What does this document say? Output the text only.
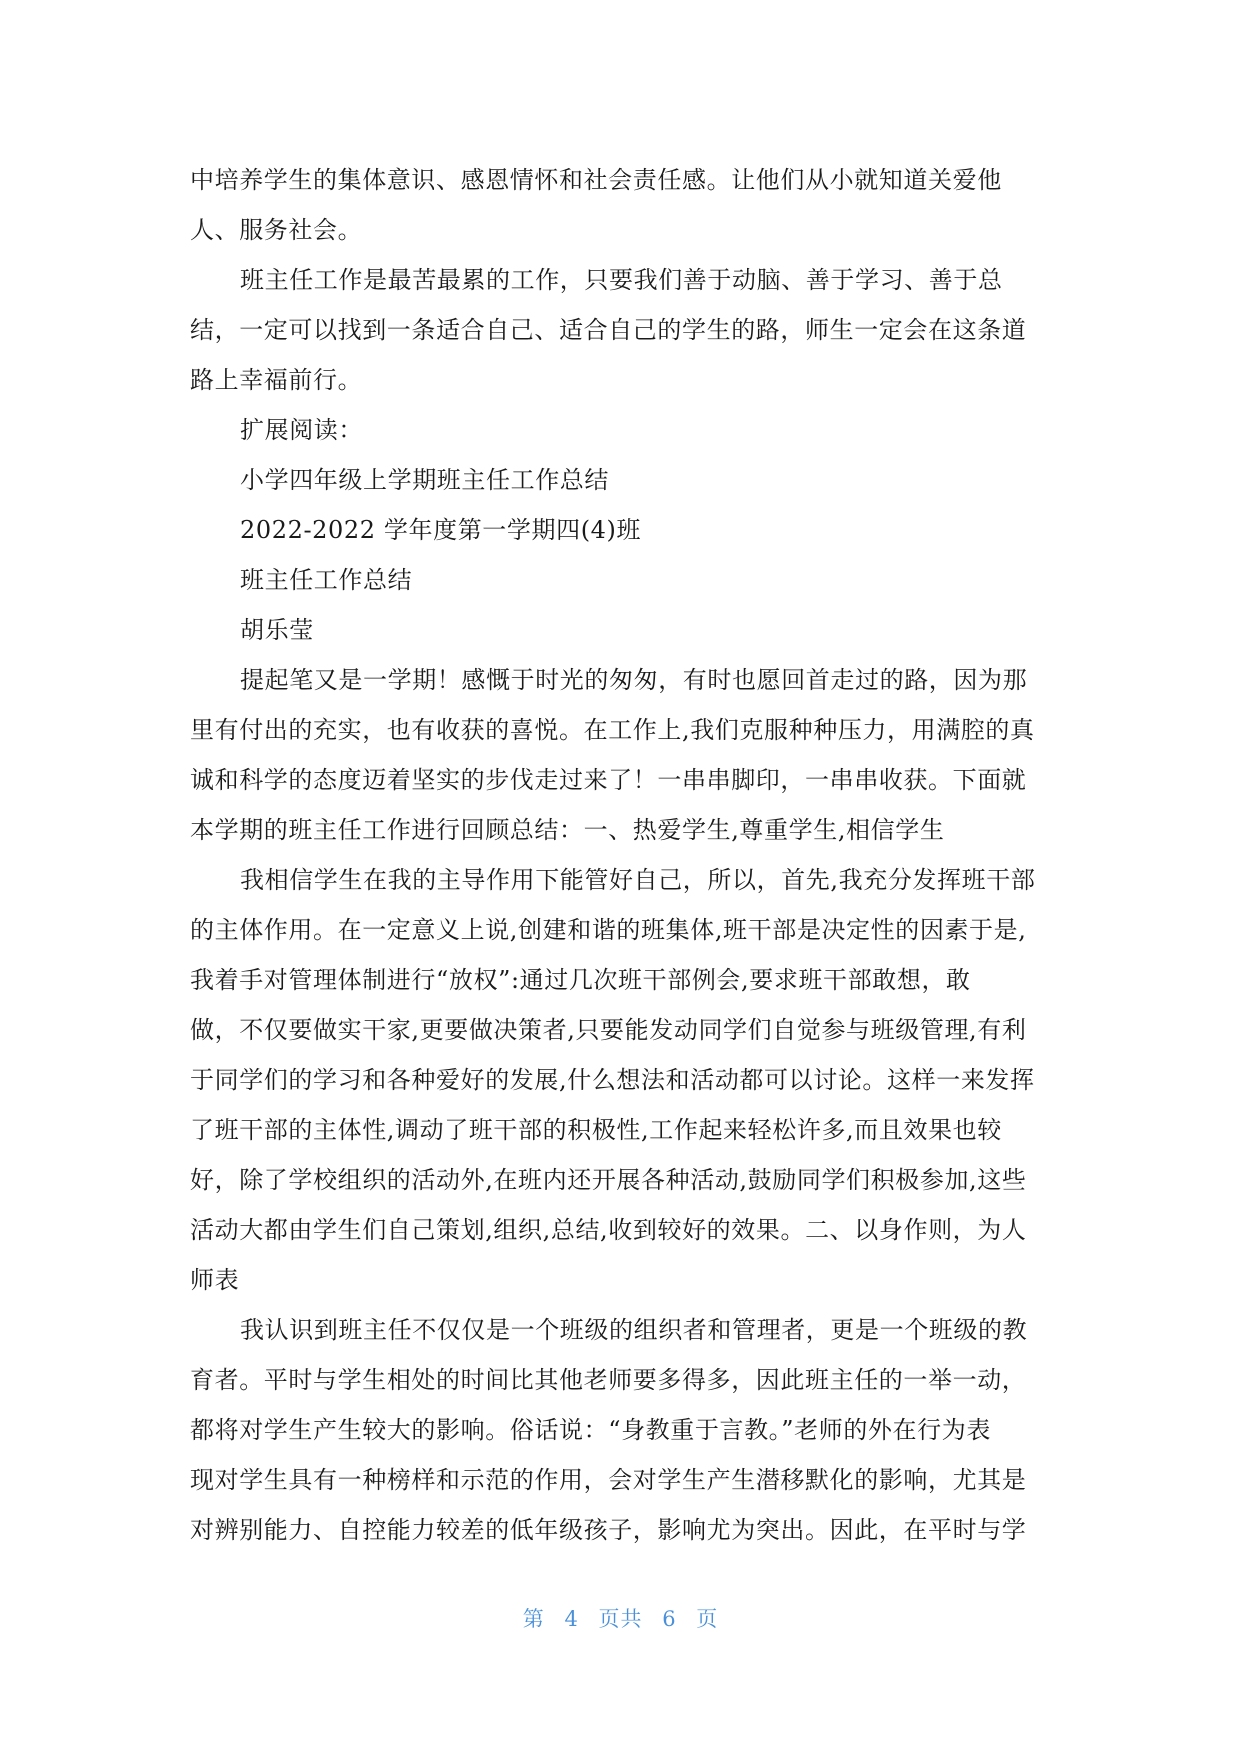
中培养学生的集体意识、感恩情怀和社会责任感。让他们从小就知道关爱他
人、服务社会。
班主任工作是最苦最累的工作，只要我们善于动脑、善于学习、善于总
结，一定可以找到一条适合自己、适合自己的学生的路，师生一定会在这条道
路上幸福前行。
扩展阅读：
小学四年级上学期班主任工作总结
2022-2022 学年度第一学期四(4)班
班主任工作总结
胡乐莹
提起笔又是一学期！感慨于时光的匆匆，有时也愿回首走过的路，因为那
里有付出的充实，也有收获的喜悦。在工作上,我们克服种种压力，用满腔的真
诚和科学的态度迈着坚实的步伐走过来了！一串串脚印，一串串收获。下面就
本学期的班主任工作进行回顾总结：一、热爱学生,尊重学生,相信学生
我相信学生在我的主导作用下能管好自己，所以，首先,我充分发挥班干部
的主体作用。在一定意义上说,创建和谐的班集体,班干部是决定性的因素于是,
我着手对管理体制进行“放权”:通过几次班干部例会,要求班干部敢想，敢
做，不仅要做实干家,更要做决策者,只要能发动同学们自觉参与班级管理,有利
于同学们的学习和各种爱好的发展,什么想法和活动都可以讨论。这样一来发挥
了班干部的主体性,调动了班干部的积极性,工作起来轻松许多,而且效果也较
好，除了学校组织的活动外,在班内还开展各种活动,鼓励同学们积极参加,这些
活动大都由学生们自己策划,组织,总结,收到较好的效果。二、以身作则，为人
师表
我认识到班主任不仅仅是一个班级的组织者和管理者，更是一个班级的教
育者。平时与学生相处的时间比其他老师要多得多，因此班主任的一举一动，
都将对学生产生较大的影响。俗话说：“身教重于言教。”老师的外在行为表
现对学生具有一种榜样和示范的作用，会对学生产生潜移默化的影响，尤其是
对辨别能力、自控能力较差的低年级孩子，影响尤为突出。因此，在平时与学
第 4 页共 6 页
